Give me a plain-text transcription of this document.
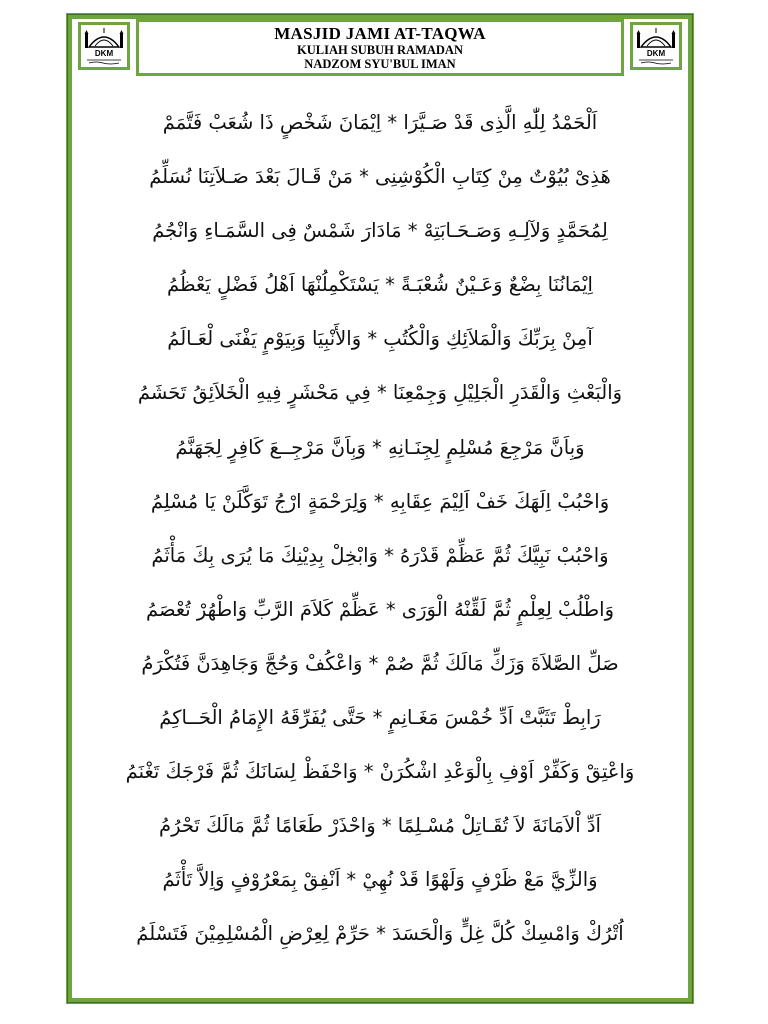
DKM
MASJID JAMI AT-TAQWA
KULIAH SUBUH RAMADAN
NADZOM SYU'BUL IMAN
DKM
اَلْحَمْدُ لِلّٰهِ الَّذِى قَدْ صَـيَّرَا * اِيْمَانَ شَخْصٍ ذَا شُعَبْ فَتَّمَمْ
هَذِىْ بُيُوْتٌ مِنْ كِتَابِ الْكُوْشِنِى * مَنْ قَـالَ بَعْدَ صَـلاَتِنَا نُسَلِّمُ
لِمُحَمَّدٍ وَلآلِـهِ وَصَـحَـابَتِهْ * مَادَارَ شَمْسٌ فِى السَّمَـاءِ وَانْجُمُ
اِيْمَانُنَا بِضْعٌ وَعَـيْنٌ شُعْبَـةً * يَسْتَكْمِلُنْهَا اَهْلُ فَضْلٍ يَعْظُمُ
آمِنْ بِرَبِّكَ وَالْمَلاَئِكِ وَالْكُتُبِ * وَالأَنْبِيَا وَبِيَوْمٍ يَفْنَى لْعَـالَمُ
وَالْبَعْثِ وَالْقَدَرِ الْجَلِيْلِ وَجِمْعِنَا * فِي مَحْشَرٍ فِيهِ الْخَلاَئِقُ تَحَشَمُ
وَبِاَنَّ مَرْجِعَ مُسْلِمٍ لِجِنَـانِهِ * وَبِاَنَّ مَرْجِــعَ كَافِرٍ لِجَهَنَّمُ
وَاحْبُبْ اِلَهَكَ خَفْ اَلِيْمَ عِقَابِهِ * وَلِرَحْمَةٍ ارْجُ تَوَكَّلَنْ يَا مُسْلِمُ
وَاحْبُبْ نَبِيَّكَ ثُمَّ عَظِّمْ قَدْرَهُ * وَابْخِلْ بِدِيْنِكَ مَا يُرَى بِكَ مَأْثَمُ
وَاطْلُبْ لِعِلْمٍ ثُمَّ لَقِّنْهُ الْوَرَى * عَظِّمْ كَلاَمَ الرَّبِّ وَاطْهُرْ تُعْصَمُ
صَلِّ الصَّلاَةَ وَزَكِّ مَالَكَ ثُمَّ صُمْ * وَاعْكُفْ وَحُجَّ وَجَاهِدَنَّ فَتُكْرَمُ
رَابِطْ تَثَبَّتْ اَدِّ خُمْسَ مَغَـانِمٍ * حَتَّى يُفَرِّقَهُ الإِمَامُ الْحَــاكِمُ
وَاعْتِقْ وَكَفِّرْ اَوْفِ بِالْوَعْدِ اشْكُرَنْ * وَاحْفَظْ لِسَانَكَ ثُمَّ فَرْجَكَ تَغْنَمُ
اَدِّ اْلاَمَانَةَ لاَ تُقَـاتِلْ مُسْـلِمًا * وَاحْذَرْ طَعَامًا ثُمَّ مَالَكَ تَحْرُمُ
وَالزِّيَّ مَعْ ظَرْفٍ وَلَهْوًا قَدْ نُهِيْ * اَنْفِقْ بِمَعْرُوْفٍ وَاِلاَّ تَأْثَمُ
اُتْرُكْ وَامْسِكْ كُلَّ غِلٍّ وَالْحَسَدَ * حَرِّمْ لِعِرْضِ الْمُسْلِمِيْنَ فَتَسْلَمُ
